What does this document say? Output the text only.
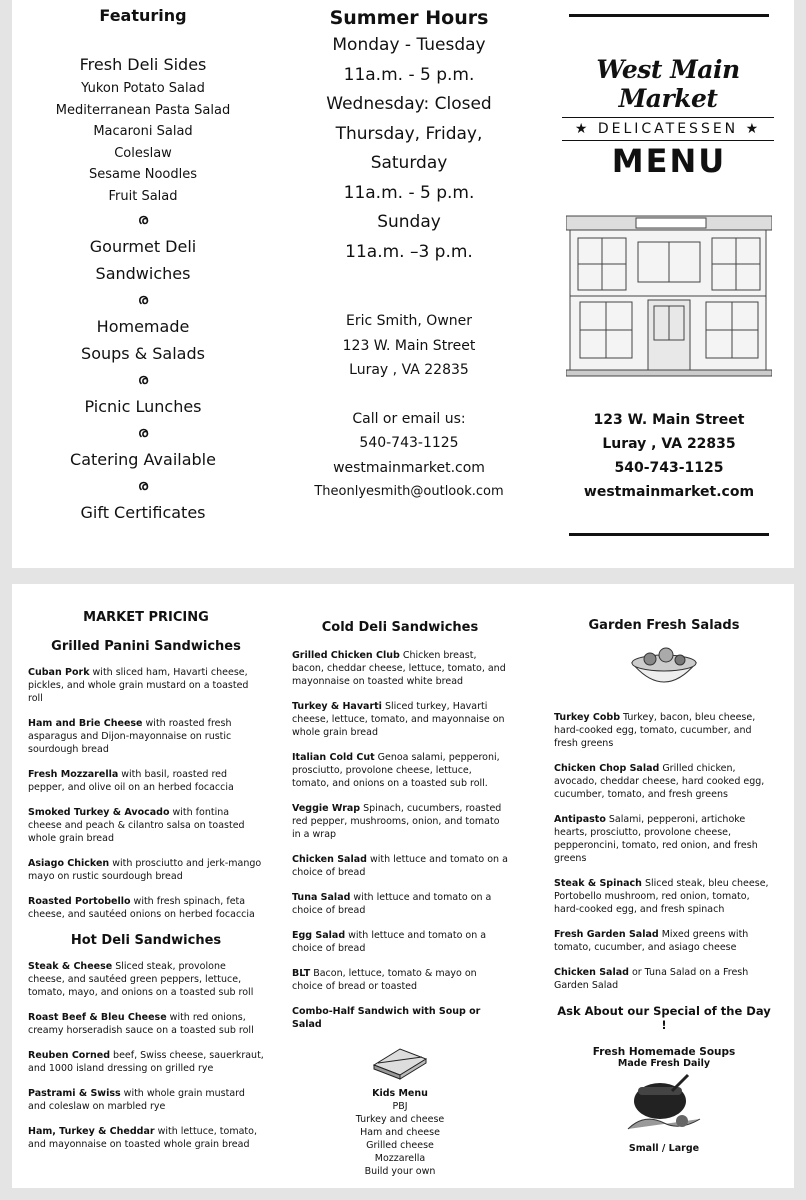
Featuring
Fresh Deli Sides
Yukon Potato Salad
Mediterranean Pasta Salad
Macaroni Salad
Coleslaw
Sesame Noodles
Fruit Salad
ര
Gourmet Deli
Sandwiches
ര
Homemade
Soups & Salads
ര
Picnic Lunches
ര
Catering Available
ര
Gift Certificates
Summer Hours
Monday - Tuesday
11a.m. - 5 p.m.
Wednesday: Closed
Thursday, Friday,
Saturday
11a.m. - 5 p.m.
Sunday
11a.m. –3 p.m.
Eric Smith, Owner
123 W. Main Street
Luray , VA 22835
Call or email us:
540-743-1125
westmainmarket.com
Theonlyesmith@outlook.com
West Main Market
★ DELICATESSEN ★
MENU
123 W. Main Street
Luray , VA 22835
540-743-1125
westmainmarket.com
MARKET PRICING
Grilled Panini Sandwiches
Cuban Pork with sliced ham, Havarti cheese, pickles, and whole grain mustard on a toasted roll
Ham and Brie Cheese with roasted fresh asparagus and Dijon-mayonnaise on rustic sourdough bread
Fresh Mozzarella with basil, roasted red pepper, and olive oil on an herbed focaccia
Smoked Turkey & Avocado with fontina cheese and peach & cilantro salsa on toasted whole grain bread
Asiago Chicken with prosciutto and jerk-mango mayo on rustic sourdough bread
Roasted Portobello with fresh spinach, feta cheese, and sautéed onions on herbed focaccia
Hot Deli Sandwiches
Steak & Cheese Sliced steak, provolone cheese, and sautéed green peppers, lettuce, tomato, mayo, and onions on a toasted sub roll
Roast Beef & Bleu Cheese with red onions, creamy horseradish sauce on a toasted sub roll
Reuben Corned beef, Swiss cheese, sauerkraut, and 1000 island dressing on grilled rye
Pastrami & Swiss with whole grain mustard and coleslaw on marbled rye
Ham, Turkey & Cheddar with lettuce, tomato, and mayonnaise on toasted whole grain bread
Cold Deli Sandwiches
Grilled Chicken Club Chicken breast, bacon, cheddar cheese, lettuce, tomato, and mayonnaise on toasted white bread
Turkey & Havarti Sliced turkey, Havarti cheese, lettuce, tomato, and mayonnaise on whole grain bread
Italian Cold Cut Genoa salami, pepperoni, prosciutto, provolone cheese, lettuce, tomato, and onions on a toasted sub roll.
Veggie Wrap Spinach, cucumbers, roasted red pepper, mushrooms, onion, and tomato in a wrap
Chicken Salad with lettuce and tomato on a choice of bread
Tuna Salad with lettuce and tomato on a choice of bread
Egg Salad with lettuce and tomato on a choice of bread
BLT Bacon, lettuce, tomato & mayo on choice of bread or toasted
Combo-Half Sandwich with Soup or Salad
Kids Menu
PBJ
Turkey and cheese
Ham and cheese
Grilled cheese
Mozzarella
Build your own
Garden Fresh Salads
Turkey Cobb Turkey, bacon, bleu cheese, hard-cooked egg, tomato, cucumber, and fresh greens
Chicken Chop Salad Grilled chicken, avocado, cheddar cheese, hard cooked egg, cucumber, tomato, and fresh greens
Antipasto Salami, pepperoni, artichoke hearts, prosciutto, provolone cheese, pepperoncini, tomato, red onion, and fresh greens
Steak & Spinach Sliced steak, bleu cheese, Portobello mushroom, red onion, tomato, hard-cooked egg, and fresh spinach
Fresh Garden Salad Mixed greens with tomato, cucumber, and asiago cheese
Chicken Salad or Tuna Salad on a Fresh Garden Salad
Ask About our Special of the Day !
Fresh Homemade Soups
Made Fresh Daily
Small / Large
